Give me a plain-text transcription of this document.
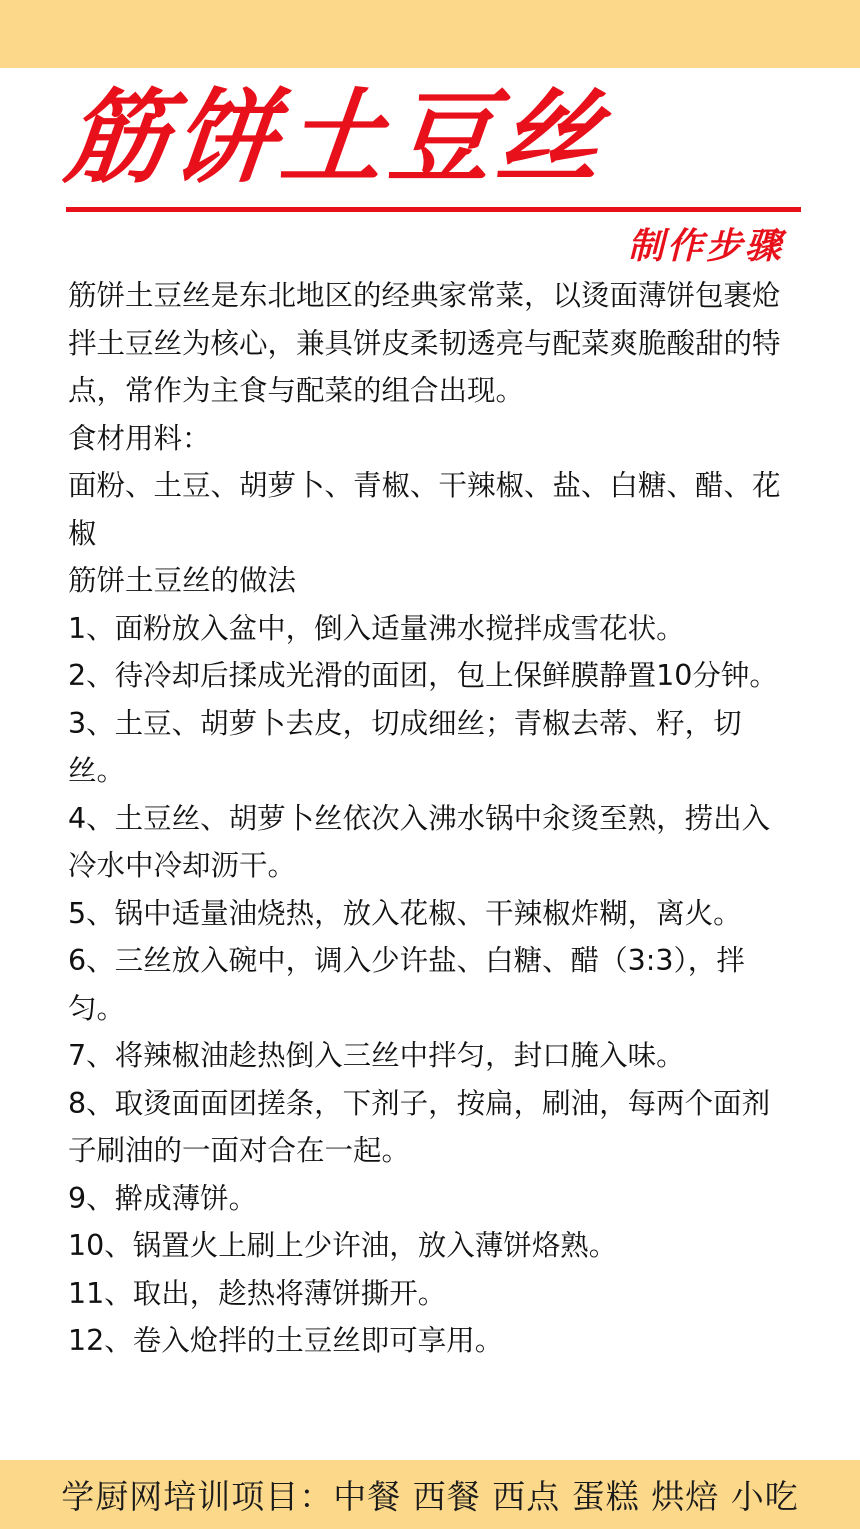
筋饼土豆丝
制作步骤

筋饼土豆丝是东北地区的经典家常菜，以烫面薄饼包裹炝拌土豆丝为核心，兼具饼皮柔韧透亮与配菜爽脆酸甜的特点，常作为主食与配菜的组合出现。

食材用料：

面粉、土豆、胡萝卜、青椒、干辣椒、盐、白糖、醋、花椒

筋饼土豆丝的做法

1、面粉放入盆中，倒入适量沸水搅拌成雪花状。

2、待冷却后揉成光滑的面团，包上保鲜膜静置10分钟。

3、土豆、胡萝卜去皮，切成细丝；青椒去蒂、籽，切丝。

4、土豆丝、胡萝卜丝依次入沸水锅中汆烫至熟，捞出入冷水中冷却沥干。

5、锅中适量油烧热，放入花椒、干辣椒炸糊，离火。

6、三丝放入碗中，调入少许盐、白糖、醋（3:3），拌匀。

7、将辣椒油趁热倒入三丝中拌匀，封口腌入味。

8、取烫面面团搓条，下剂子，按扁，刷油，每两个面剂子刷油的一面对合在一起。

9、擀成薄饼。

10、锅置火上刷上少许油，放入薄饼烙熟。

11、取出，趁热将薄饼撕开。

12、卷入炝拌的土豆丝即可享用。

学厨网培训项目：中餐 西餐 西点 蛋糕 烘焙 小吃
